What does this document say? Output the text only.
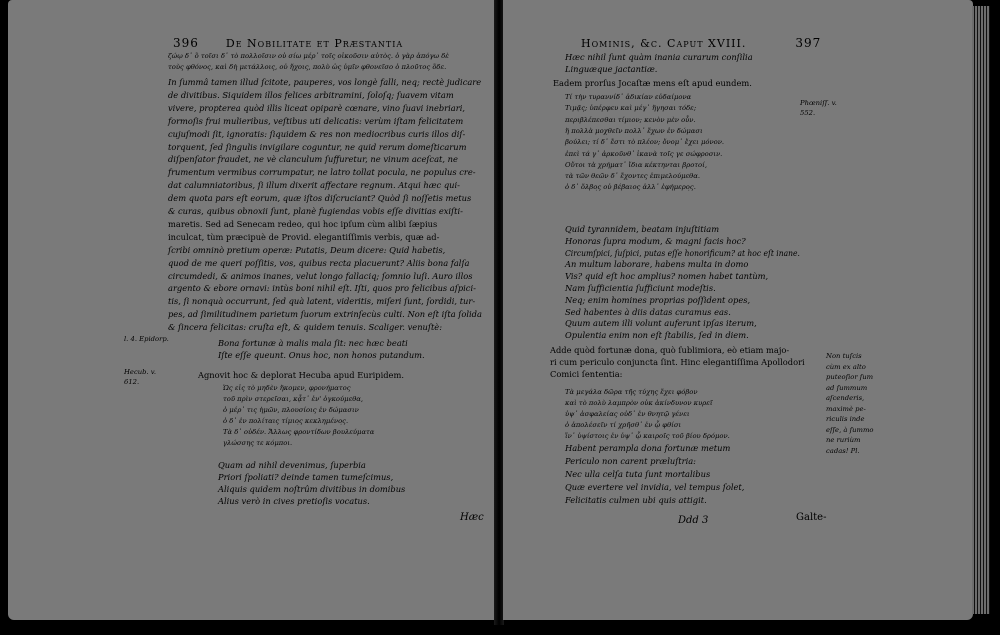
396 De Nobilitate et Præstantia
ζώῳ δ᾽ ὃ τοῖσι δ᾽ τὸ πολλοῖσιν οὐ σίω μέρ᾽ τοῖς οἰκοῦσιν αὐτὸς. ὁ γὰρ ἀπόγω δὲ
τοὺς φθόνος, καὶ δὴ μετάλλοις, οὐ ἤχοις, πολὺ ὡς ὑμῖν φθονεῖσο ὁ πλοῦτος ὅδε.
In ſummâ tamen illud ſcitote, pauperes, vos longè falli, neq; rectè judicare
de divitibus. Siquidem illos felices arbitramini, ſoloſq; ſuavem vitam
vivere, propterea quòd illis liceat opiparè cœnare, vino ſuavi inebriari,
formoſis frui mulieribus, veſtibus uti delicatis: verùm iſtam felicitatem
cujuſmodi ſit, ignoratis: ſiquidem & res non mediocribus curis illos diſ-
torquent, ſed ſingulis invigilare coguntur, ne quid rerum domeſticarum
diſpenſator fraudet, ne vè clanculum ſuffuretur, ne vinum aceſcat, ne
frumentum vermibus corrumpatur, ne latro tollat pocula, ne populus cre-
dat calumniatoribus, ſi illum dixerit affectare regnum. Atqui hæc qui-
dem quota pars eſt eorum, quæ iſtos diſcruciant? Quòd ſi noſſetis metus
& curas, quibus obnoxii ſunt, planè fugiendas vobis eſſe divitias exiſti-
maretis. Sed ad Senecam redeo, qui hoc ipſum cùm alibi ſæpius
inculcat, tùm præcipuè de Provid. elegantiſſimis verbis, quæ ad-
ſcribi omninò pretium operæ: Putatis, Deum dicere: Quid habetis,
quod de me queri poſſitis, vos, quibus recta placuerunt? Aliis bona falſa
circumdedi, & animos inanes, velut longo fallaciq; ſomnio luſi. Auro illos
argento & ebore ornavi: intùs boni nihil eſt. Iſti, quos pro felicibus aſpici-
tis, ſi nonquà occurrunt, ſed quà latent, videritis, miſeri ſunt, ſordidi, tur-
pes, ad ſimilitudinem parietum ſuorum extrinſecùs culti. Non eſt iſta ſolida
& ſincera felicitas: cruſta eſt, & quidem tenuis. Scaliger. venuſtè:
Bona fortunæ à malis mala ſit: nec hæc beati
Iſte eſſe queunt. Onus hoc, non honos putandum.
Agnovit hoc & deplorat Hecuba apud Euripidem.
Ὡς εἰς τὸ μηδὲν ἥκομεν, φρονήματος
τοῦ πρὶν στερεῖσαι, κᾆτ᾽ ἐν' ὀγκούμεθα,
ὁ μέρ᾽ τις ἡμῶν, πλουσίοις ἐν δώμασιν
ὁ δ᾽ ἐν πολίταις τίμιο̣ς κεκλημένο̣ς.
Τὰ δ᾽ οὐδέν. Ἄλλως φροντίδων βουλεύματα
γλώσσης τε κόμποι.
Quam ad nihil devenimus, ſuperbia
Priori ſpoliati? deinde tamen tumeſcimus,
Aliquis quidem noſtrûm divitibus in domibus
Alius verò in cives pretioſis vocatus.
l. 4. Epidorp.
Hecub. v.
612.
Hæc
Hominis, &c. Caput XVIII.	397
Hæc nihil ſunt quàm inania curarum conſilia
Linguæque jactantiæ.
Eadem prorſus Jocaſtæ mens eſt apud eundem.
Phœniſſ. v.
552.
Τί τὴν τυραννίδ᾽ ἀδικίαν εὐδαίμονα
Τιμᾷς; ὑπέρφευ καὶ μέγ᾽ ἥγησαι τόδε;
περιβλέπεσθαι τίμιον; κενὸν μὲν οὖν.
ἢ πολλὰ μοχθεῖν πολλ᾽ ἔχων ἐν δώμασι
βούλει; τί δ᾽ ἔστι τὸ πλέον; ὄνομ᾽ ἔχει μόνον.
ἐπεὶ τά γ᾽ ἀρκοῦνθ᾽ ἱκανὰ τοῖς γε σώφροσιν.
Οὔτοι τὰ χρήματ᾽ ἴδια κέκτηνται βροτοί,
τὰ τῶν θεῶν δ᾽ ἔχοντες ἐπιμελούμεθα.
ὁ δ᾽ ὄλβο̣ς οὐ βέβαιος ἀλλ᾽ ἐφήμερο̣ς.
Quid tyrannidem, beatam injuſtitiam
Honoras ſupra modum, & magni facis hoc?
Circumſpici, ſuſpici, putas eſſe honorificum? at hoc eſt inane.
An multum laborare, habens multa in domo
Vis? quid eſt hoc amplius? nomen habet tantùm,
Nam ſufficientia ſufficiunt modeſtis.
Neq; enim homines proprias poſſident opes,
Sed habentes à diis datas curamus eas.
Quum autem illi volunt auferunt ipſas iterum,
Opulentia enim non eſt ſtabilis, ſed in diem.
Adde quòd fortunæ dona, quò ſublimiora, eò etiam majo-
ri cum periculo conjuncta ſint. Hinc elegantiſſima Apollodori
Comici ſententia:
Τὰ μεγάλα δῶρα τῆς τύχης ἔχει φόβον
καὶ τὸ πολὺ λαμπρὸν οὐκ ἀκίνδυνον κυρεῖ
ὑψ᾽ ἀσφαλείας οὐδ᾽ ἐν θνητῷ γένει
ὁ ἀπολέσεῖν τί χρῆσθ᾽ ἐν ᾧ φθίσι
ἵν᾽ ὑψίστοις ἐν ὑψ᾽ ᾧ καιροῖς τοῦ βίου δρόμον.
Habent perampla dona fortunæ metum
Periculo non carent præluſtria:
Nec ulla celſa tuta ſunt mortalibus
Quæ evertere vel invidia, vel tempus ſolet,
Felicitatis culmen ubi quis attigit.
Non tuſcis
cùm ex alto
puteoſior ſum
ad ſummum
aſcenderis,
maximè pe-
riculis inde
eſſe, à ſummo
ne ruriùm
cadas! Pl.
Ddd 3	Galte-
